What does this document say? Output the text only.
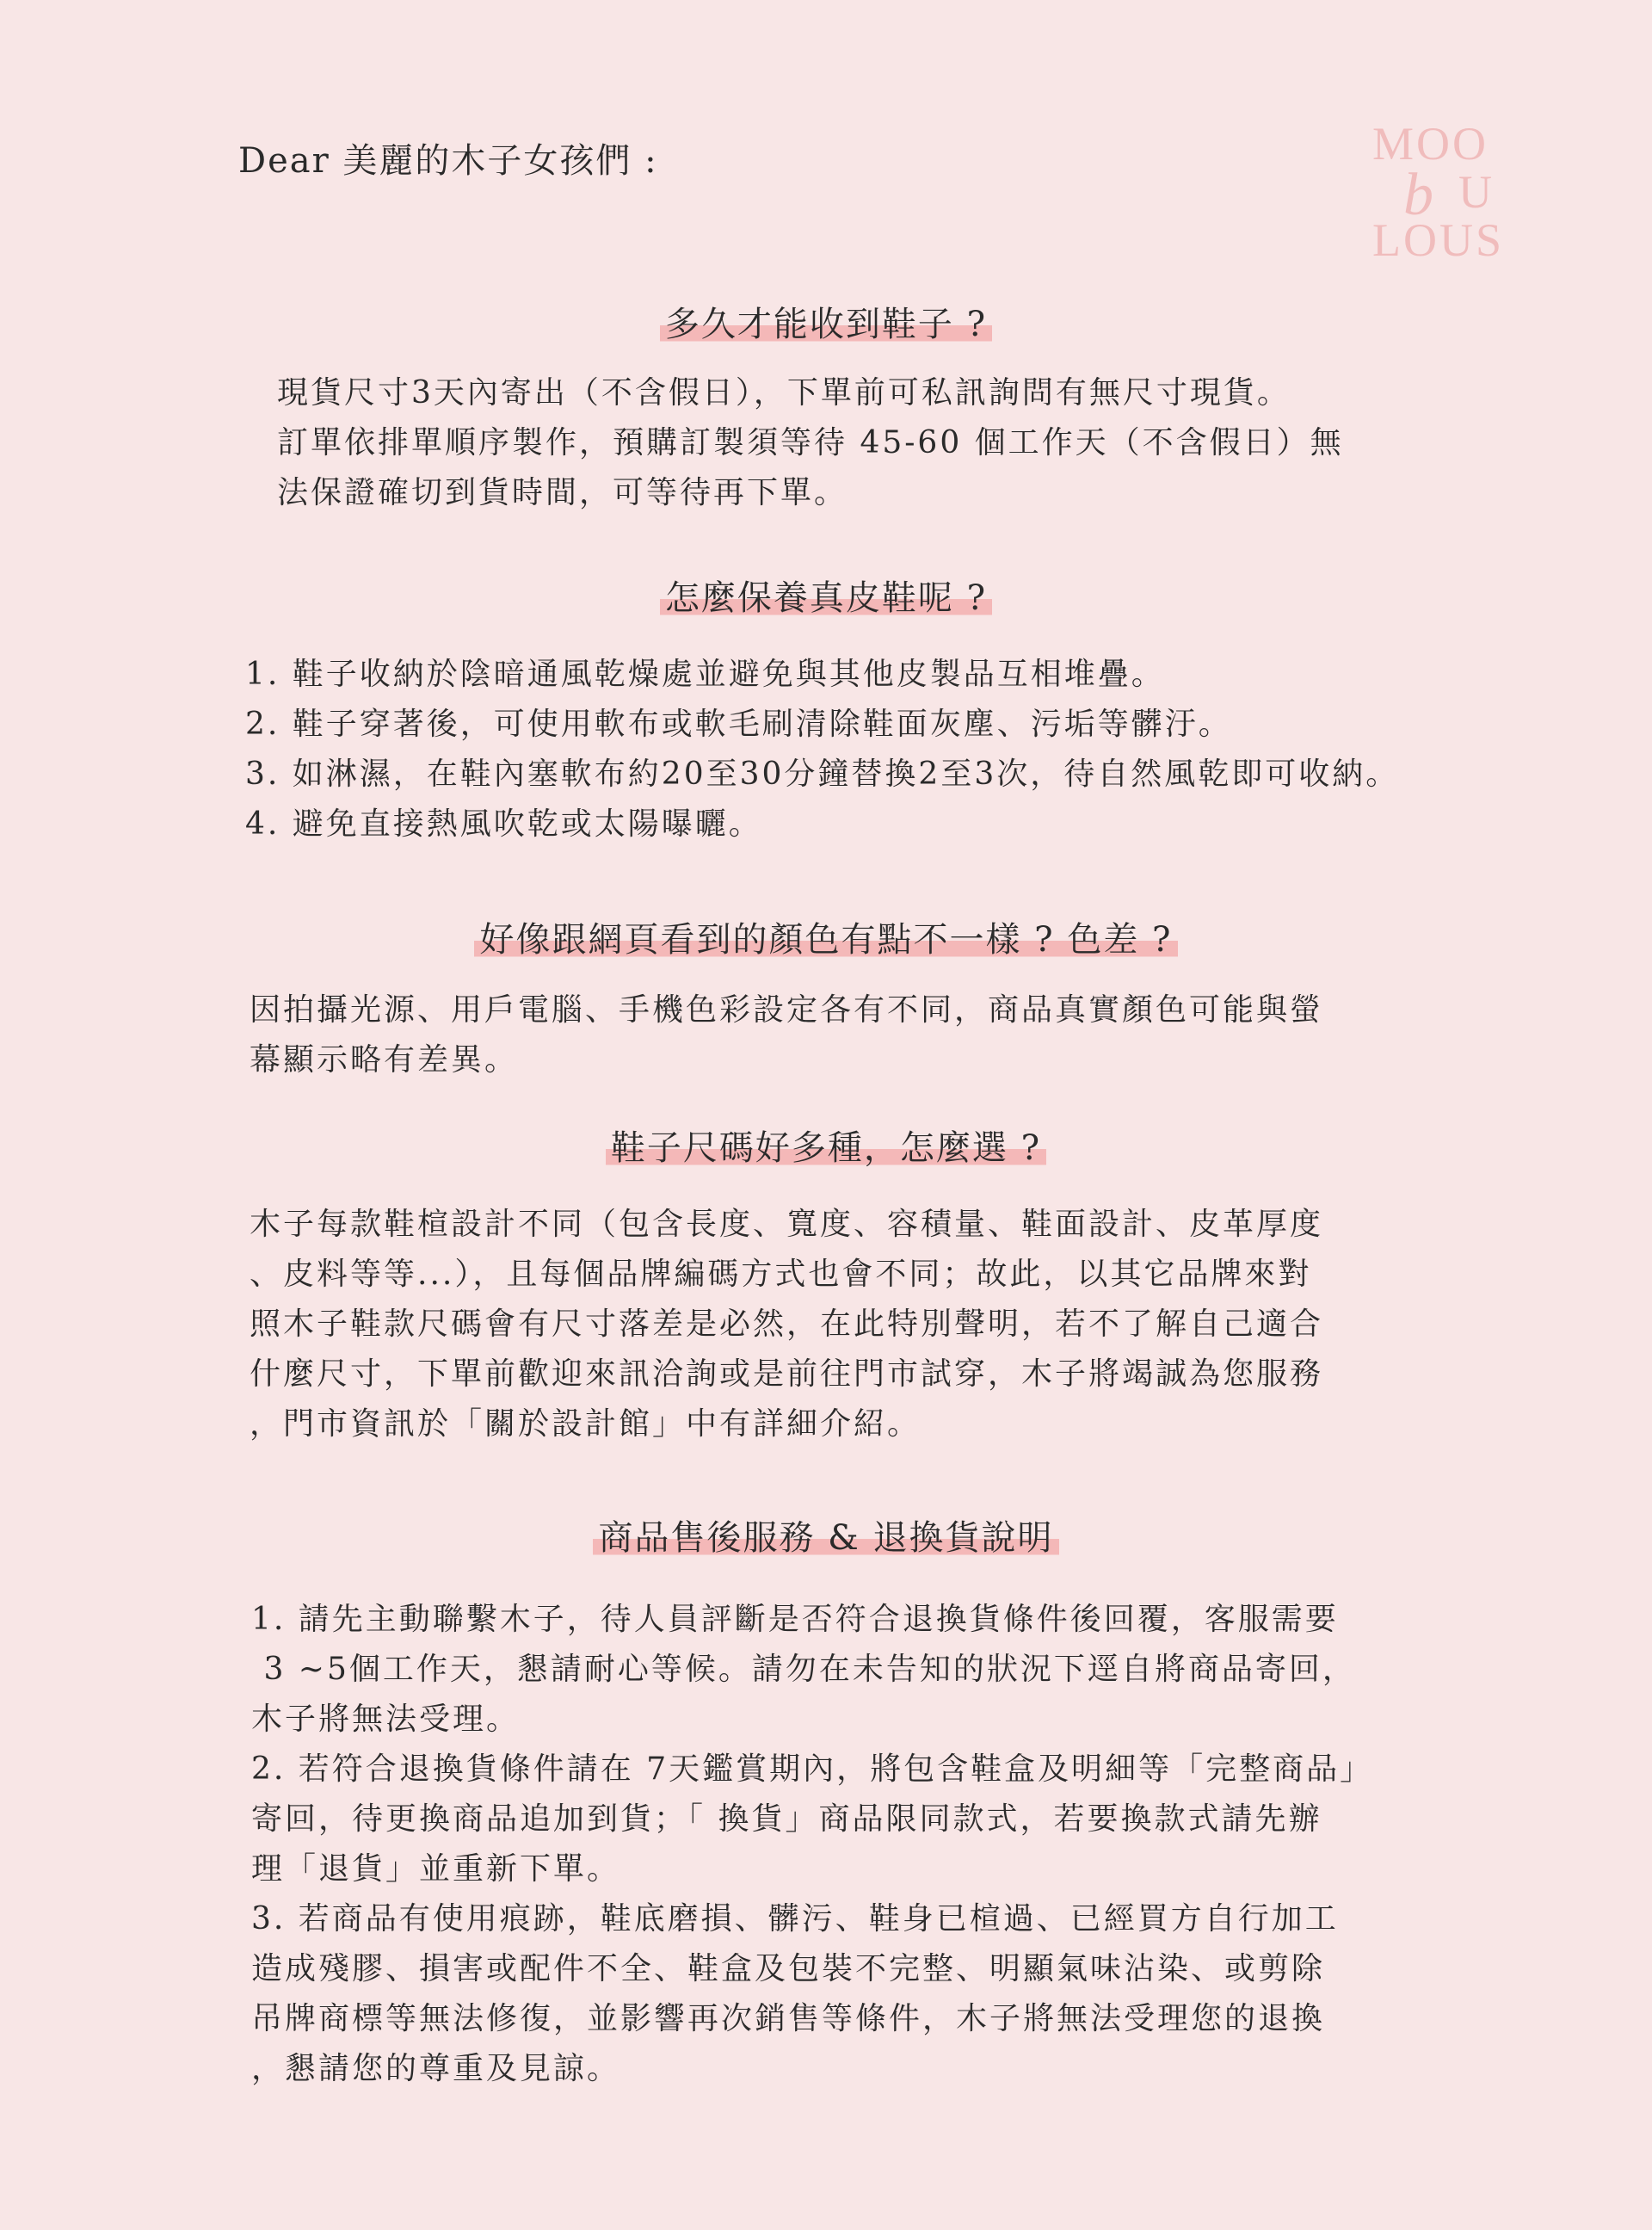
Dear 美麗的木子女孩們 :	MOO
b U
LOUS
多久才能收到鞋子 ?
現貨尺寸3天內寄出（不含假日），下單前可私訊詢問有無尺寸現貨。
訂單依排單順序製作，預購訂製須等待 45-60 個工作天（不含假日）無
法保證確切到貨時間，可等待再下單。
怎麼保養真皮鞋呢 ?
1. 鞋子收納於陰暗通風乾燥處並避免與其他皮製品互相堆疊。
2. 鞋子穿著後，可使用軟布或軟毛刷清除鞋面灰塵、污垢等髒汙。
3. 如淋濕，在鞋內塞軟布約20至30分鐘替換2至3次，待自然風乾即可收納。
4. 避免直接熱風吹乾或太陽曝曬。
好像跟網頁看到的顏色有點不一樣 ? 色差 ?
因拍攝光源、用戶電腦、手機色彩設定各有不同，商品真實顏色可能與螢
幕顯示略有差異。
鞋子尺碼好多種，怎麼選 ?
木子每款鞋楦設計不同（包含長度、寬度、容積量、鞋面設計、皮革厚度
、皮料等等...），且每個品牌編碼方式也會不同；故此，以其它品牌來對
照木子鞋款尺碼會有尺寸落差是必然，在此特別聲明，若不了解自己適合
什麼尺寸，下單前歡迎來訊洽詢或是前往門市試穿，木子將竭誠為您服務
，門市資訊於「關於設計館」中有詳細介紹。
商品售後服務 & 退換貨說明
1. 請先主動聯繫木子，待人員評斷是否符合退換貨條件後回覆，客服需要
3 ~5個工作天，懇請耐心等候。請勿在未告知的狀況下逕自將商品寄回，
木子將無法受理。
2. 若符合退換貨條件請在 7天鑑賞期內，將包含鞋盒及明細等「完整商品」
寄回，待更換商品追加到貨；「 換貨」商品限同款式，若要換款式請先辦
理「退貨」並重新下單。
3. 若商品有使用痕跡，鞋底磨損、髒污、鞋身已楦過、已經買方自行加工
造成殘膠、損害或配件不全、鞋盒及包裝不完整、明顯氣味沾染、或剪除
吊牌商標等無法修復，並影響再次銷售等條件，木子將無法受理您的退換
，懇請您的尊重及見諒。
